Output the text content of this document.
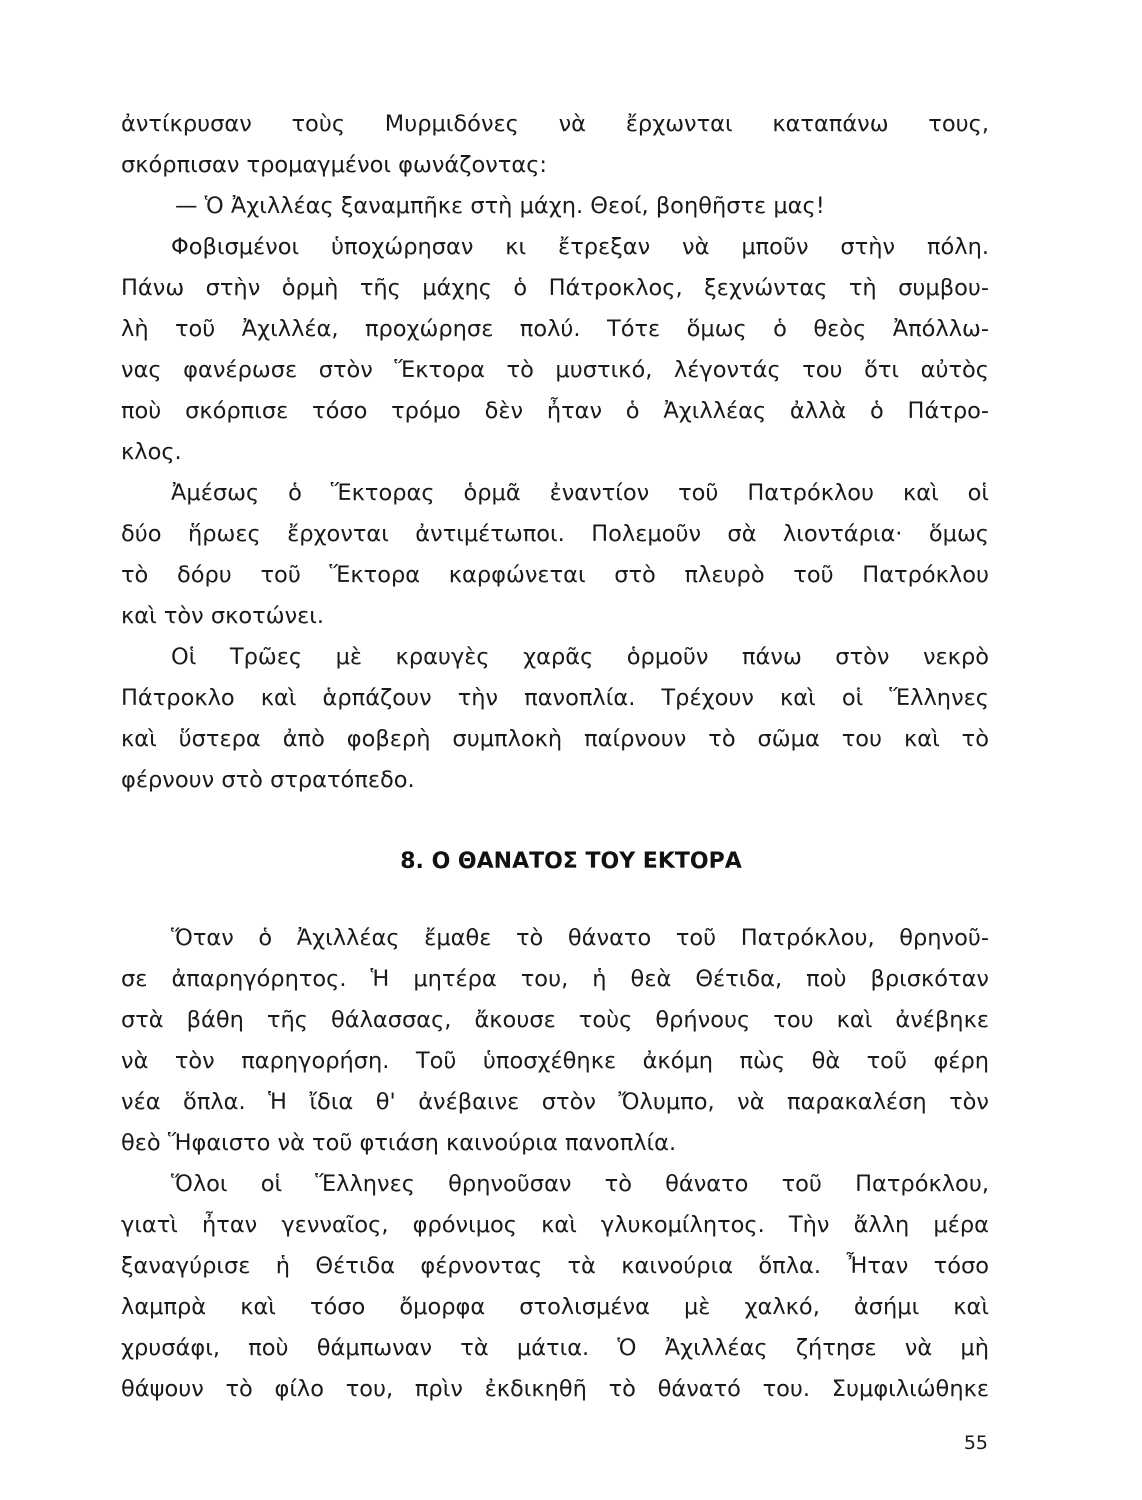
ἀντίκρυσαν τοὺς Μυρμιδόνες νὰ ἔρχωνται καταπάνω τους,
σκόρπισαν τρομαγμένοι φωνάζοντας:
— Ὁ Ἀχιλλέας ξαναμπῆκε στὴ μάχη. Θεοί, βοηθῆστε μας!
Φοβισμένοι ὑποχώρησαν κι ἔτρεξαν νὰ μποῦν στὴν πόλη.
Πάνω στὴν ὁρμὴ τῆς μάχης ὁ Πάτροκλος, ξεχνώντας τὴ συμβου-
λὴ τοῦ Ἀχιλλέα, προχώρησε πολύ. Τότε ὅμως ὁ θεὸς Ἀπόλλω-
νας φανέρωσε στὸν Ἕκτορα τὸ μυστικό, λέγοντάς του ὅτι αὐτὸς
ποὺ σκόρπισε τόσο τρόμο δὲν ἦταν ὁ Ἀχιλλέας ἀλλὰ ὁ Πάτρο-
κλος.
Ἀμέσως ὁ Ἕκτορας ὁρμᾶ ἐναντίον τοῦ Πατρόκλου καὶ οἱ
δύο ἥρωες ἔρχονται ἀντιμέτωποι. Πολεμοῦν σὰ λιοντάρια· ὅμως
τὸ δόρυ τοῦ Ἕκτορα καρφώνεται στὸ πλευρὸ τοῦ Πατρόκλου
καὶ τὸν σκοτώνει.
Οἱ Τρῶες μὲ κραυγὲς χαρᾶς ὁρμοῦν πάνω στὸν νεκρὸ
Πάτροκλο καὶ ἁρπάζουν τὴν πανοπλία. Τρέχουν καὶ οἱ Ἕλληνες
καὶ ὕστερα ἀπὸ φοβερὴ συμπλοκὴ παίρνουν τὸ σῶμα του καὶ τὸ
φέρνουν στὸ στρατόπεδο.
8. Ο ΘΑΝΑΤΟΣ ΤΟΥ ΕΚΤΟΡΑ
Ὅταν ὁ Ἀχιλλέας ἔμαθε τὸ θάνατο τοῦ Πατρόκλου, θρηνοῦ-
σε ἀπαρηγόρητος. Ἡ μητέρα του, ἡ θεὰ Θέτιδα, ποὺ βρισκόταν
στὰ βάθη τῆς θάλασσας, ἄκουσε τοὺς θρήνους του καὶ ἀνέβηκε
νὰ τὸν παρηγορήση. Τοῦ ὑποσχέθηκε ἀκόμη πὼς θὰ τοῦ φέρη
νέα ὅπλα. Ἡ ἴδια θ' ἀνέβαινε στὸν Ὄλυμπο, νὰ παρακαλέση τὸν
θεὸ Ἥφαιστο νὰ τοῦ φτιάση καινούρια πανοπλία.
Ὅλοι οἱ Ἕλληνες θρηνοῦσαν τὸ θάνατο τοῦ Πατρόκλου,
γιατὶ ἦταν γενναῖος, φρόνιμος καὶ γλυκομίλητος. Τὴν ἄλλη μέρα
ξαναγύρισε ἡ Θέτιδα φέρνοντας τὰ καινούρια ὅπλα. Ἦταν τόσο
λαμπρὰ καὶ τόσο ὄμορφα στολισμένα μὲ χαλκό, ἀσήμι καὶ
χρυσάφι, ποὺ θάμπωναν τὰ μάτια. Ὁ Ἀχιλλέας ζήτησε νὰ μὴ
θάψουν τὸ φίλο του, πρὶν ἐκδικηθῆ τὸ θάνατό του. Συμφιλιώθηκε
55
